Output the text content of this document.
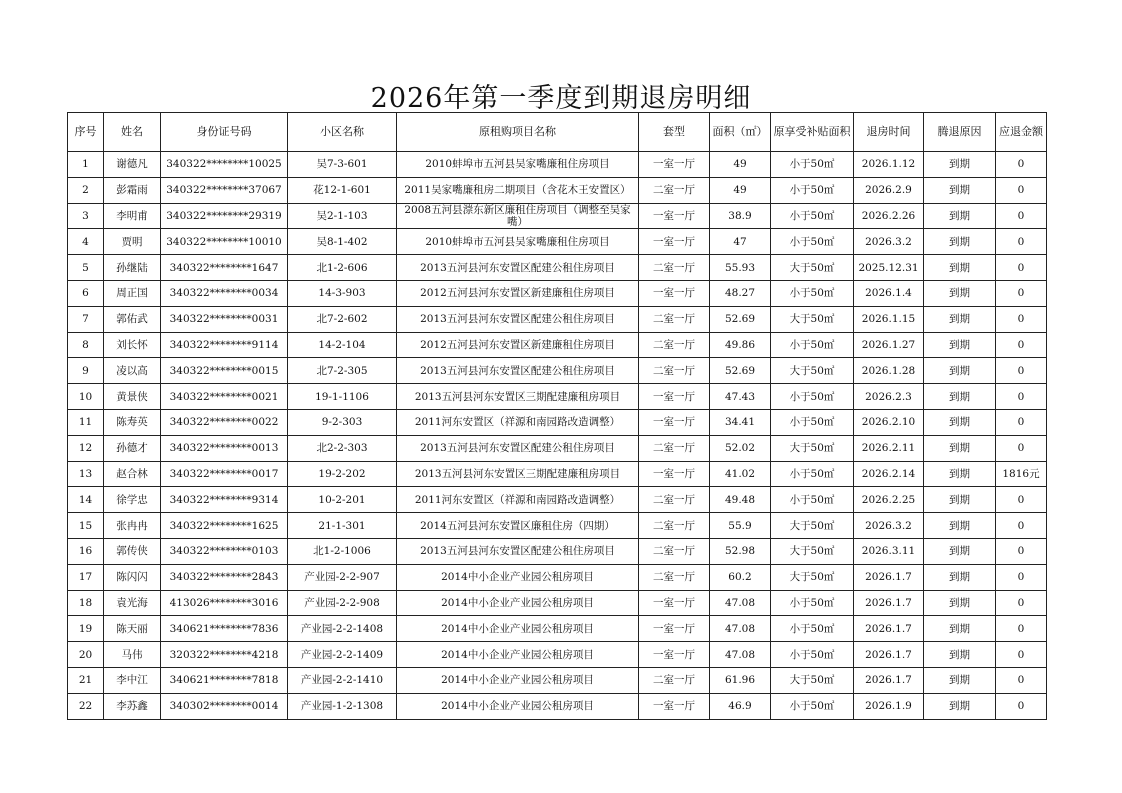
2026年第一季度到期退房明细
序号	姓名	身份证号码	小区名称	原租购项目名称	套型	面积（㎡）	原享受补贴面积	退房时间	腾退原因	应退金额
1	谢德凡	340322********10025	吴7-3-601	2010蚌埠市五河县吴家嘴廉租住房项目	一室一厅	49	小于50㎡	2026.1.12	到期	0
2	彭霜雨	340322********37067	花12-1-601	2011吴家嘴廉租房二期项目（含花木王安置区）	二室一厅	49	小于50㎡	2026.2.9	到期	0
3	李明甫	340322********29319	吴2-1-103	2008五河县漴东新区廉租住房项目（调整至吴家嘴）	一室一厅	38.9	小于50㎡	2026.2.26	到期	0
4	贾明	340322********10010	吴8-1-402	2010蚌埠市五河县吴家嘴廉租住房项目	一室一厅	47	小于50㎡	2026.3.2	到期	0
5	孙继陆	340322********1647	北1-2-606	2013五河县河东安置区配建公租住房项目	二室一厅	55.93	大于50㎡	2025.12.31	到期	0
6	周正国	340322********0034	14-3-903	2012五河县河东安置区新建廉租住房项目	一室一厅	48.27	小于50㎡	2026.1.4	到期	0
7	郭佑武	340322********0031	北7-2-602	2013五河县河东安置区配建公租住房项目	二室一厅	52.69	大于50㎡	2026.1.15	到期	0
8	刘长怀	340322********9114	14-2-104	2012五河县河东安置区新建廉租住房项目	二室一厅	49.86	小于50㎡	2026.1.27	到期	0
9	凌以高	340322********0015	北7-2-305	2013五河县河东安置区配建公租住房项目	二室一厅	52.69	大于50㎡	2026.1.28	到期	0
10	黄景侠	340322********0021	19-1-1106	2013五河县河东安置区三期配建廉租房项目	一室一厅	47.43	小于50㎡	2026.2.3	到期	0
11	陈寿英	340322********0022	9-2-303	2011河东安置区（祥源和南园路改造调整）	一室一厅	34.41	小于50㎡	2026.2.10	到期	0
12	孙德才	340322********0013	北2-2-303	2013五河县河东安置区配建公租住房项目	二室一厅	52.02	大于50㎡	2026.2.11	到期	0
13	赵合林	340322********0017	19-2-202	2013五河县河东安置区三期配建廉租房项目	一室一厅	41.02	小于50㎡	2026.2.14	到期	1816元
14	徐学忠	340322********9314	10-2-201	2011河东安置区（祥源和南园路改造调整）	二室一厅	49.48	小于50㎡	2026.2.25	到期	0
15	张冉冉	340322********1625	21-1-301	2014五河县河东安置区廉租住房（四期）	二室一厅	55.9	大于50㎡	2026.3.2	到期	0
16	郭传侠	340322********0103	北1-2-1006	2013五河县河东安置区配建公租住房项目	二室一厅	52.98	大于50㎡	2026.3.11	到期	0
17	陈闪闪	340322********2843	产业园-2-2-907	2014中小企业产业园公租房项目	二室一厅	60.2	大于50㎡	2026.1.7	到期	0
18	袁光海	413026********3016	产业园-2-2-908	2014中小企业产业园公租房项目	一室一厅	47.08	小于50㎡	2026.1.7	到期	0
19	陈天丽	340621********7836	产业园-2-2-1408	2014中小企业产业园公租房项目	一室一厅	47.08	小于50㎡	2026.1.7	到期	0
20	马伟	320322********4218	产业园-2-2-1409	2014中小企业产业园公租房项目	一室一厅	47.08	小于50㎡	2026.1.7	到期	0
21	李中江	340621********7818	产业园-2-2-1410	2014中小企业产业园公租房项目	二室一厅	61.96	大于50㎡	2026.1.7	到期	0
22	李苏鑫	340302********0014	产业园-1-2-1308	2014中小企业产业园公租房项目	一室一厅	46.9	小于50㎡	2026.1.9	到期	0
